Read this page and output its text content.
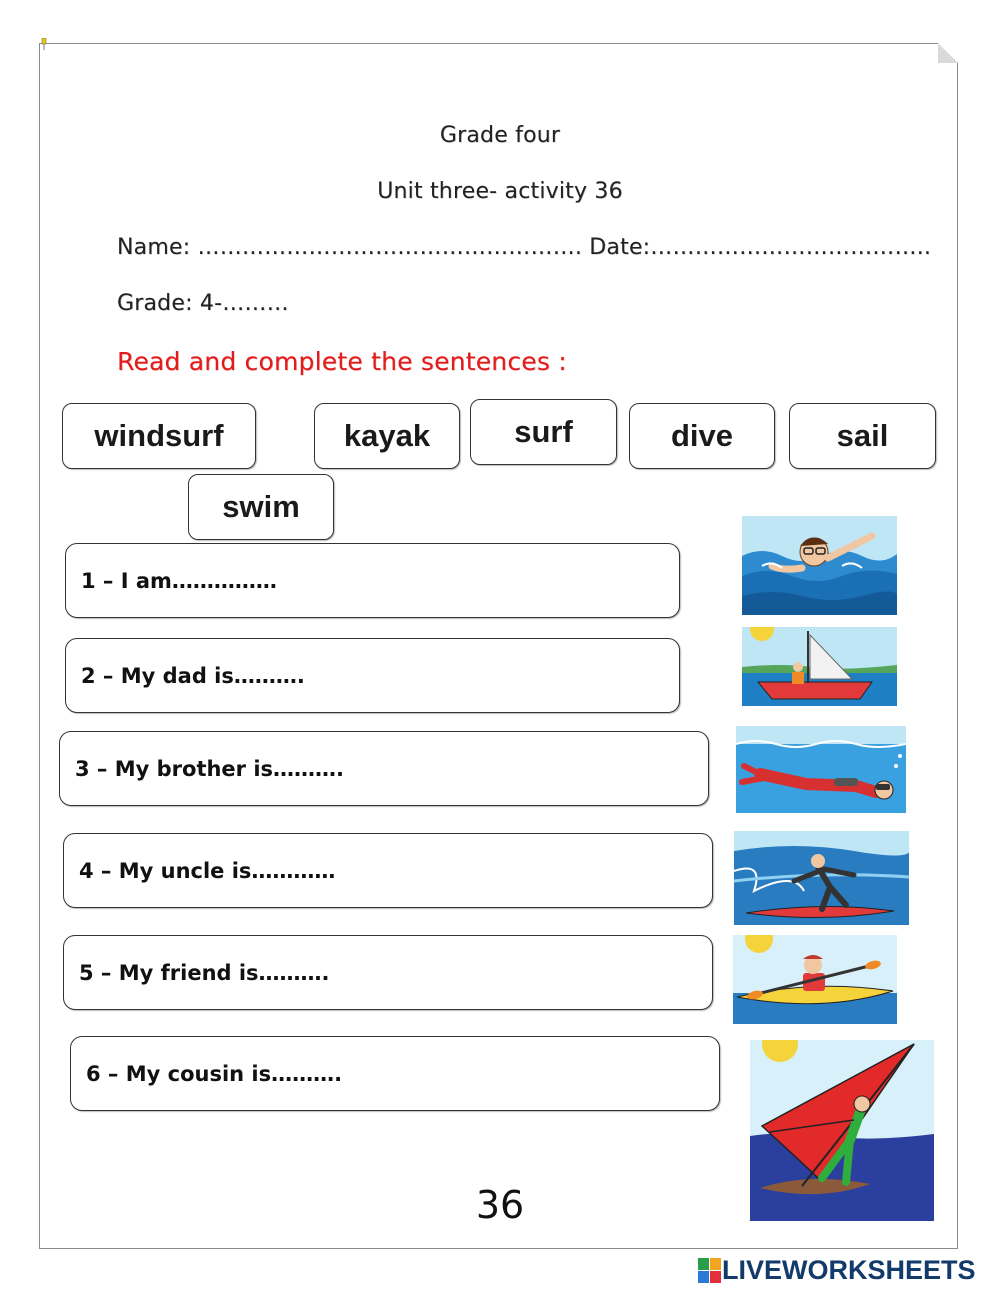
Grade four
Unit three- activity 36
Name: ……………………………………………. Date:………………………………..
Grade: 4-………
Read and complete the sentences :
windsurf	kayak	surf	dive	sail
swim
1 – I am……………
2 – My dad is……….
3 – My brother is……….
4 – My uncle is…………
5 – My friend is……….
6 – My cousin is……….
36
LIVEWORKSHEETS
